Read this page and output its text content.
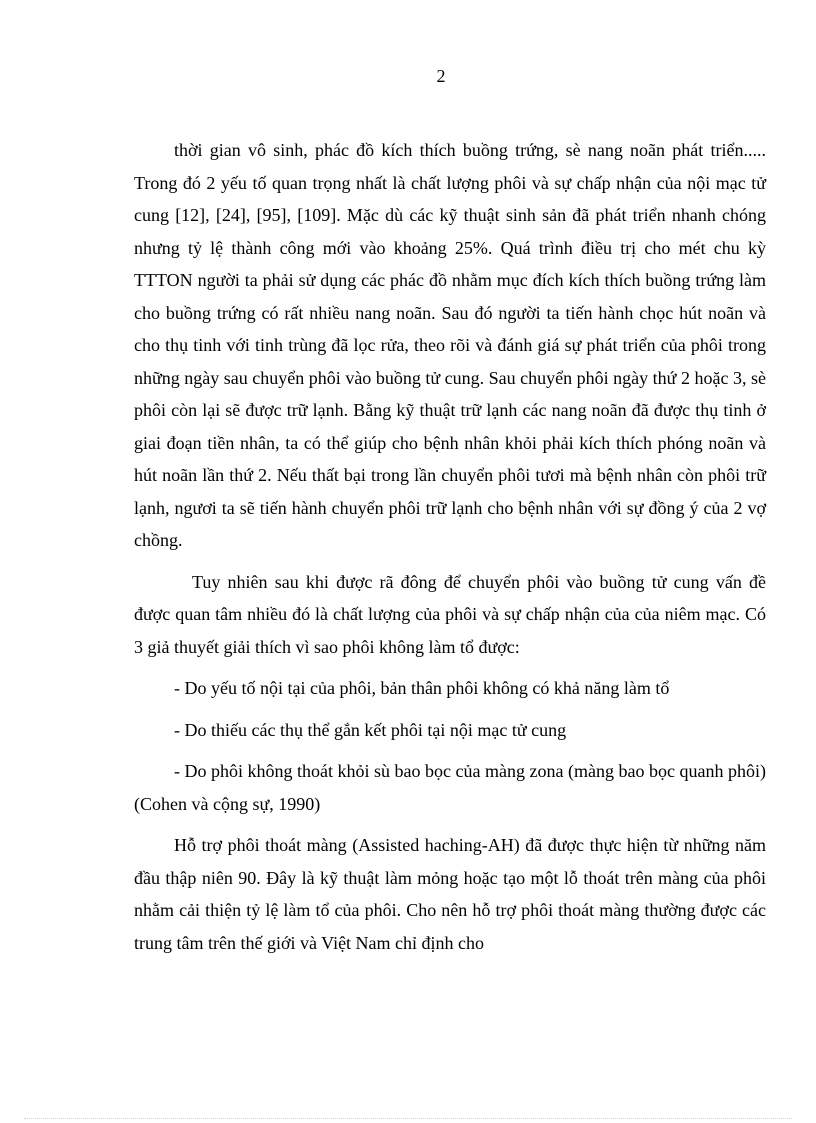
2

thời gian vô sinh, phác đồ kích thích buồng trứng, sè nang noãn phát triển..... Trong đó 2 yếu tố quan trọng nhất là chất lượng phôi và sự chấp nhận của nội mạc tử cung [12], [24], [95], [109]. Mặc dù các kỹ thuật sinh sản đã phát triển nhanh chóng nhưng tỷ lệ thành công mới vào khoảng 25%. Quá trình điều trị cho mét chu kỳ TTTON người ta phải sử dụng các phác đồ nhằm mục đích kích thích buồng trứng làm cho buồng trứng có rất nhiều nang noãn. Sau đó người ta tiến hành chọc hút noãn và cho thụ tinh với tinh trùng đã lọc rửa, theo rõi và đánh giá sự phát triển của phôi trong những ngày sau chuyển phôi vào buồng tử cung. Sau chuyển phôi ngày thứ 2 hoặc 3, sè phôi còn lại sẽ được trữ lạnh. Bằng kỹ thuật trữ lạnh các nang noãn đã được thụ tinh ở giai đoạn tiền nhân, ta có thể giúp cho bệnh nhân khỏi phải kích thích phóng noãn và hút noãn lần thứ 2. Nếu thất bại trong lần chuyển phôi tươi mà bệnh nhân còn phôi trữ lạnh, ngươi ta sẽ tiến hành chuyển phôi trữ lạnh cho bệnh nhân với sự đồng ý của 2 vợ chồng.

Tuy nhiên sau khi được rã đông để chuyển phôi vào buồng tử cung vấn đề được quan tâm nhiều đó là chất lượng của phôi và sự chấp nhận của của niêm mạc. Có 3 giả thuyết giải thích vì sao phôi không làm tổ được:

- Do yếu tố nội tại của phôi, bản thân phôi không có khả năng làm tổ

- Do thiếu các thụ thể gắn kết phôi tại nội mạc tử cung

- Do phôi không thoát khỏi sù bao bọc của màng zona (màng bao bọc quanh phôi) (Cohen và cộng sự, 1990)

Hỗ trợ phôi thoát màng (Assisted haching-AH) đã được thực hiện từ những năm đầu thập niên 90. Đây là kỹ thuật làm mỏng hoặc tạo một lỗ thoát trên màng của phôi nhằm cải thiện tỷ lệ làm tổ của phôi. Cho nên hỗ trợ phôi thoát màng thường được các trung tâm trên thế giới và Việt Nam chỉ định cho
